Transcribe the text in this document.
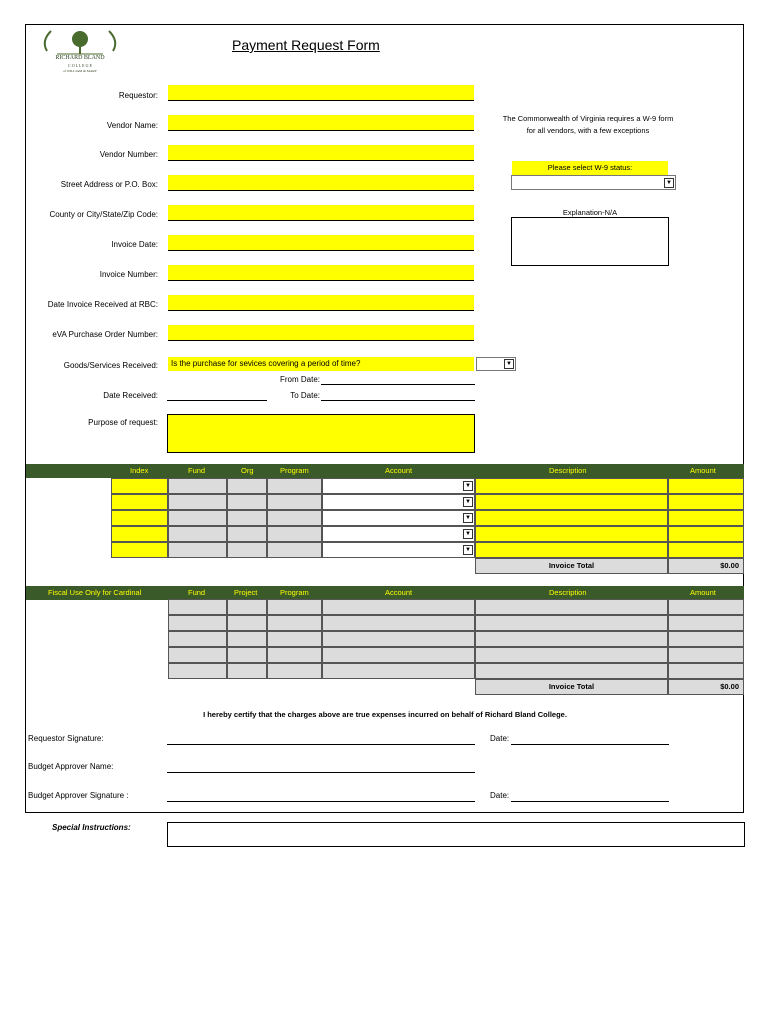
RICHARD BLAND
C O L L E G E
of WILLIAM & MARY
Payment Request Form
Requestor:
Vendor Name:
Vendor Number:
Street Address or P.O. Box:
County or City/State/Zip Code:
Invoice Date:
Invoice Number:
Date Invoice Received at RBC:
eVA Purchase Order Number:
Goods/Services Received:	Is the purchase for sevices covering a period of time?	▼
From Date:
Date Received:	To Date:
Purpose of request:
The Commonwealth of Virginia requires a W-9 form for all vendors, with a few exceptions
Please select W-9 status:
▼
Explanation-N/A
Index	Fund	Org	Program	Account	Description	Amount
▼
▼
▼
▼
▼
Invoice Total	$0.00
Fiscal Use Only for Cardinal	Fund	Project	Program	Account	Description	Amount
Invoice Total	$0.00
I hereby certify that the charges above are true expenses incurred on behalf of Richard Bland College.
Requestor Signature:	Date:
Budget Approver Name:
Budget Approver Signature :	Date:
Special Instructions:
